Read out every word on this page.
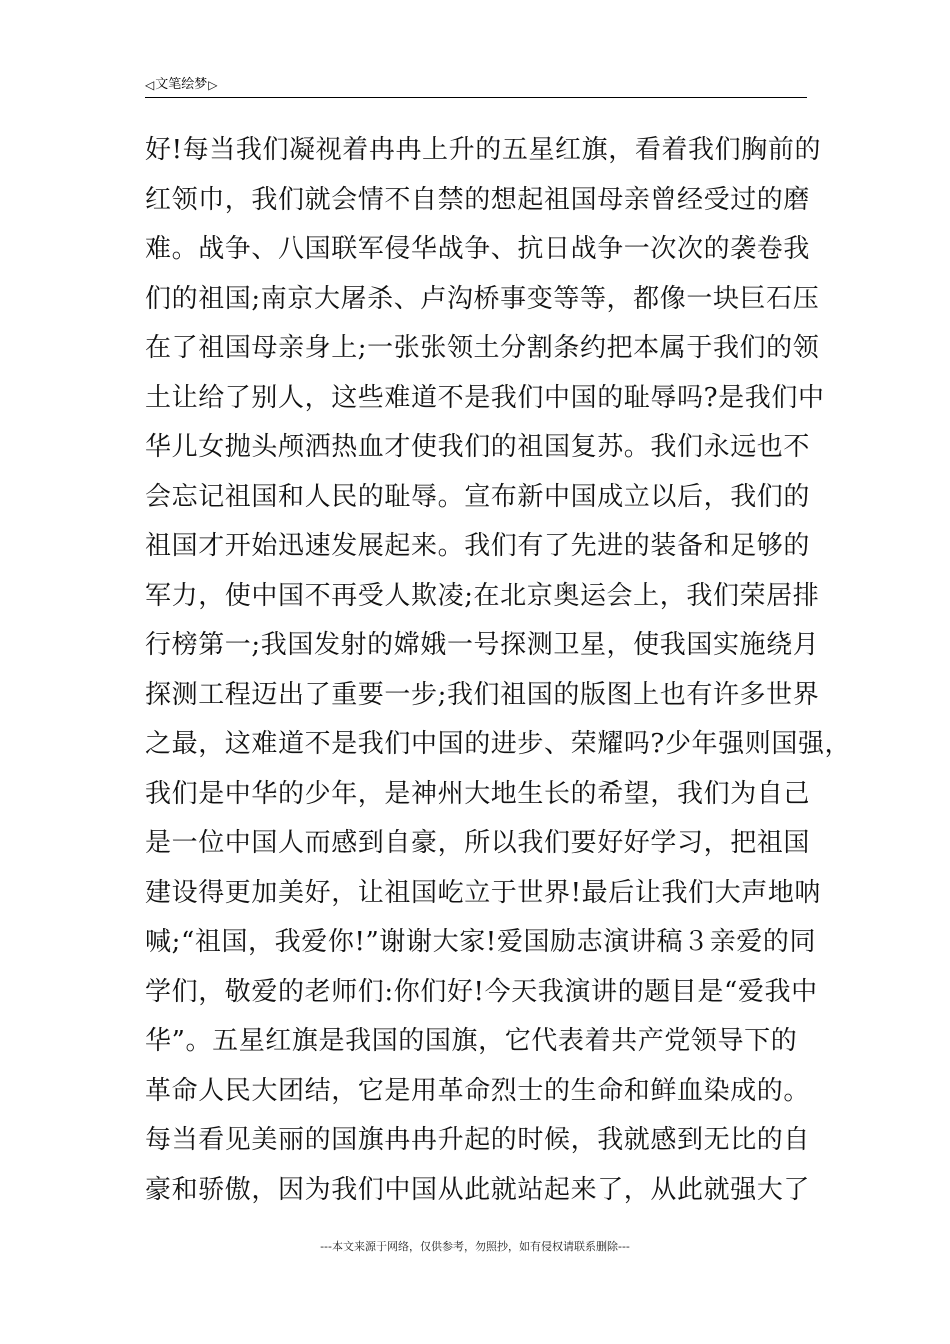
◁ 文笔绘梦 ▷
好!每当我们凝视着冉冉上升的五星红旗，看着我们胸前的
红领巾，我们就会情不自禁的想起祖国母亲曾经受过的磨
难。战争、八国联军侵华战争、抗日战争一次次的袭卷我
们的祖国;南京大屠杀、卢沟桥事变等等，都像一块巨石压
在了祖国母亲身上;一张张领土分割条约把本属于我们的领
土让给了别人，这些难道不是我们中国的耻辱吗?是我们中
华儿女抛头颅洒热血才使我们的祖国复苏。我们永远也不
会忘记祖国和人民的耻辱。宣布新中国成立以后，我们的
祖国才开始迅速发展起来。我们有了先进的装备和足够的
军力，使中国不再受人欺凌;在北京奥运会上，我们荣居排
行榜第一;我国发射的嫦娥一号探测卫星，使我国实施绕月
探测工程迈出了重要一步;我们祖国的版图上也有许多世界
之最，这难道不是我们中国的进步、荣耀吗?少年强则国强，
我们是中华的少年，是神州大地生长的希望，我们为自己
是一位中国人而感到自豪，所以我们要好好学习，把祖国
建设得更加美好，让祖国屹立于世界!最后让我们大声地呐
喊;“祖国，我爱你!”谢谢大家!爱国励志演讲稿３亲爱的同
学们，敬爱的老师们:你们好!今天我演讲的题目是“爱我中
华”。五星红旗是我国的国旗，它代表着共产党领导下的
革命人民大团结，它是用革命烈士的生命和鲜血染成的。
每当看见美丽的国旗冉冉升起的时候，我就感到无比的自
豪和骄傲，因为我们中国从此就站起来了，从此就强大了
---本文来源于网络，仅供参考，勿照抄，如有侵权请联系删除---
